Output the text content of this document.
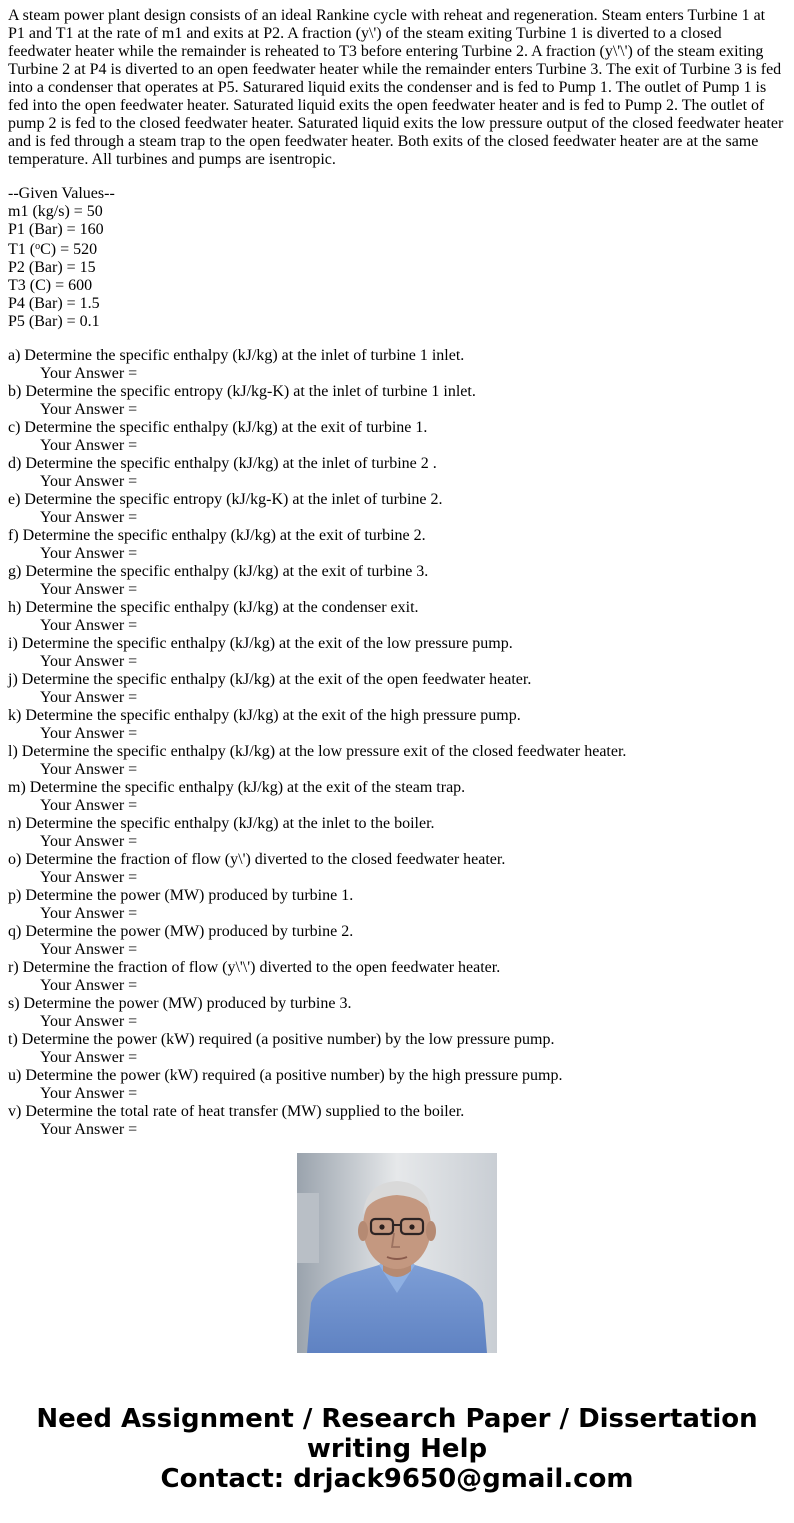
A steam power plant design consists of an ideal Rankine cycle with reheat and regeneration. Steam enters Turbine 1 at P1 and T1 at the rate of m1 and exits at P2. A fraction (y\') of the steam exiting Turbine 1 is diverted to a closed feedwater heater while the remainder is reheated to T3 before entering Turbine 2. A fraction (y\'\') of the steam exiting Turbine 2 at P4 is diverted to an open feedwater heater while the remainder enters Turbine 3. The exit of Turbine 3 is fed into a condenser that operates at P5. Saturared liquid exits the condenser and is fed to Pump 1. The outlet of Pump 1 is fed into the open feedwater heater. Saturated liquid exits the open feedwater heater and is fed to Pump 2. The outlet of pump 2 is fed to the closed feedwater heater. Saturated liquid exits the low pressure output of the closed feedwater heater and is fed through a steam trap to the open feedwater heater. Both exits of the closed feedwater heater are at the same temperature. All turbines and pumps are isentropic.

--Given Values--

m1 (kg/s) = 50

P1 (Bar) = 160

T1 ($^o$C) = 520

P2 (Bar) = 15

T3 (C) = 600

P4 (Bar) = 1.5

P5 (Bar) = 0.1

a) Determine the specific enthalpy (kJ/kg) at the inlet of turbine 1 inlet.

Your Answer =

b) Determine the specific entropy (kJ/kg-K) at the inlet of turbine 1 inlet.

Your Answer =

c) Determine the specific enthalpy (kJ/kg) at the exit of turbine 1.

Your Answer =

d) Determine the specific enthalpy (kJ/kg) at the inlet of turbine 2 .

Your Answer =

e) Determine the specific entropy (kJ/kg-K) at the inlet of turbine 2.

Your Answer =

f) Determine the specific enthalpy (kJ/kg) at the exit of turbine 2.

Your Answer =

g) Determine the specific enthalpy (kJ/kg) at the exit of turbine 3.

Your Answer =

h) Determine the specific enthalpy (kJ/kg) at the condenser exit.

Your Answer =

i) Determine the specific enthalpy (kJ/kg) at the exit of the low pressure pump.

Your Answer =

j) Determine the specific enthalpy (kJ/kg) at the exit of the open feedwater heater.

Your Answer =

k) Determine the specific enthalpy (kJ/kg) at the exit of the high pressure pump.

Your Answer =

l) Determine the specific enthalpy (kJ/kg) at the low pressure exit of the closed feedwater heater.

Your Answer =

m) Determine the specific enthalpy (kJ/kg) at the exit of the steam trap.

Your Answer =

n) Determine the specific enthalpy (kJ/kg) at the inlet to the boiler.

Your Answer =

o) Determine the fraction of flow (y\') diverted to the closed feedwater heater.

Your Answer =

p) Determine the power (MW) produced by turbine 1.

Your Answer =

q) Determine the power (MW) produced by turbine 2.

Your Answer =

r) Determine the fraction of flow (y\'\') diverted to the open feedwater heater.

Your Answer =

s) Determine the power (MW) produced by turbine 3.

Your Answer =

t) Determine the power (kW) required (a positive number) by the low pressure pump.

Your Answer =

u) Determine the power (kW) required (a positive number) by the high pressure pump.

Your Answer =

v) Determine the total rate of heat transfer (MW) supplied to the boiler.

Your Answer =

Need Assignment / Research Paper / Dissertation
writing Help
Contact: drjack9650@gmail.com
